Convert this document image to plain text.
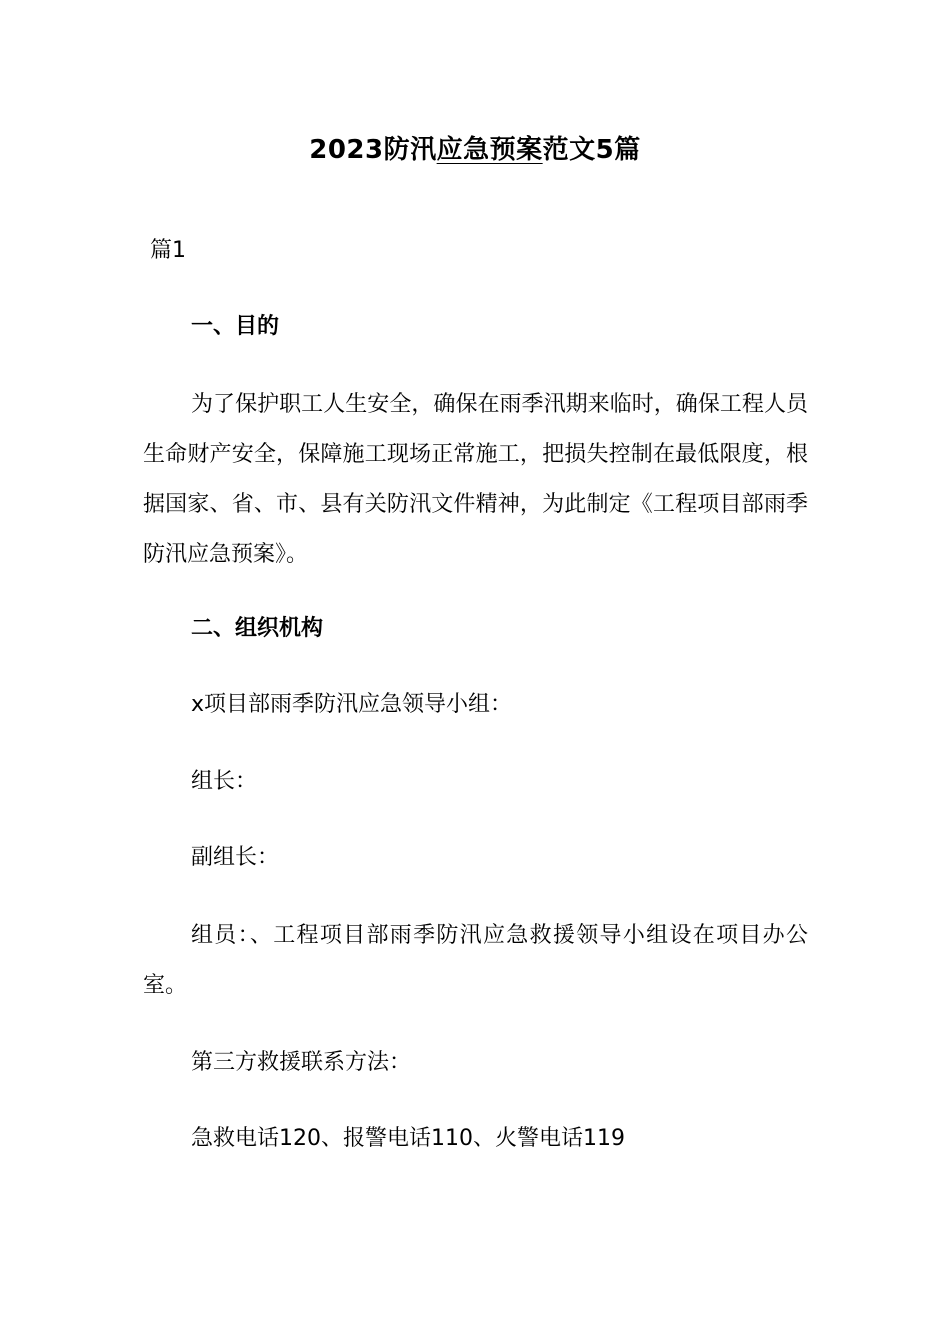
2023防汛应急预案范文5篇
篇1
一、目的
为了保护职工人生安全，确保在雨季汛期来临时，确保工程人员生命财产安全，保障施工现场正常施工，把损失控制在最低限度，根据国家、省、市、县有关防汛文件精神，为此制定《工程项目部雨季防汛应急预案》。
二、组织机构
x项目部雨季防汛应急领导小组：
组长：
副组长：
组员：、工程项目部雨季防汛应急救援领导小组设在项目办公室。
第三方救援联系方法：
急救电话120、报警电话110、火警电话119
